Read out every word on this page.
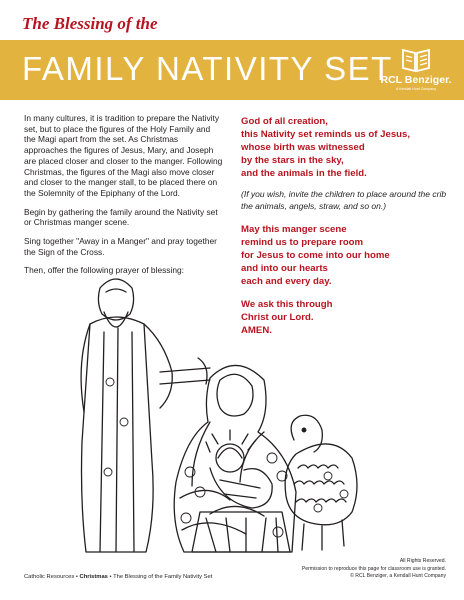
The Blessing of the
FAMILY NATIVITY SET
RCL Benziger.
A Kendall Hunt Company

In many cultures, it is tradition to prepare the Nativity set, but to place the figures of the Holy Family and the Magi apart from the set. As Christmas approaches the figures of Jesus, Mary, and Joseph are placed closer and closer to the manger. Following Christmas, the figures of the Magi also move closer and closer to the manger stall, to be placed there on the Solemnity of the Epiphany of the Lord.

Begin by gathering the family around the Nativity set or Christmas manger scene.

Sing together "Away in a Manger" and pray together the Sign of the Cross.

Then, offer the following prayer of blessing:

God of all creation,
this Nativity set reminds us of Jesus,
whose birth was witnessed
by the stars in the sky,
and the animals in the field.
(If you wish, invite the children to place around the crib the animals, angels, straw, and so on.)
May this manger scene
remind us to prepare room
for Jesus to come into our home
and into our hearts
each and every day.
We ask this through
Christ our Lord.
AMEN.
Catholic Resources • Christmas • The Blessing of the Family Nativity Set
All Rights Reserved.
Permission to reproduce this page for classroom use is granted.
© RCL Benziger, a Kendall Hunt Company
